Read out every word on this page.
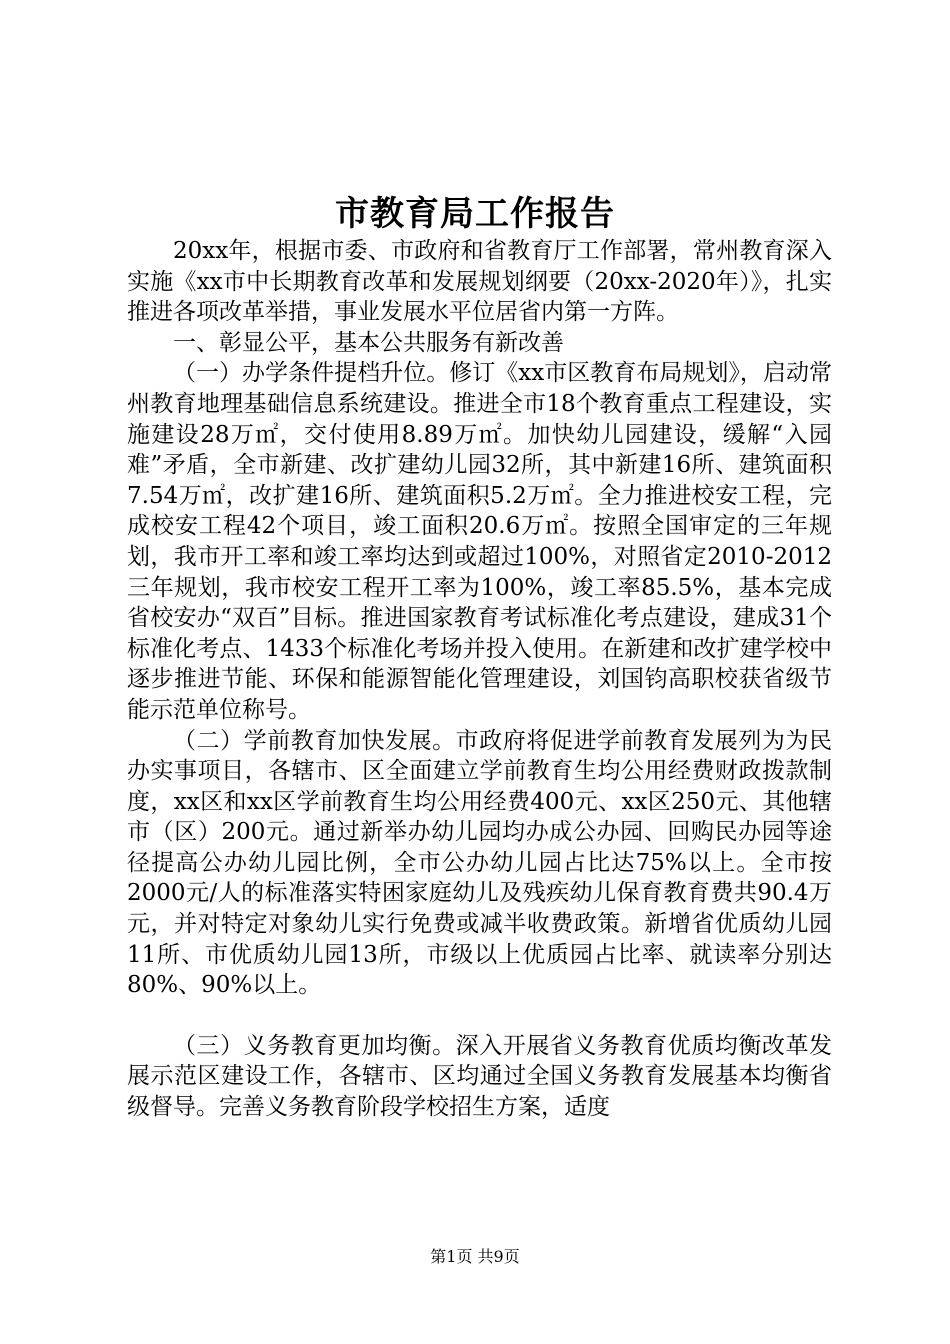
市教育局工作报告

20xx年，根据市委、市政府和省教育厅工作部署，常州教育深入实施《xx市中长期教育改革和发展规划纲要（20xx-2020年）》，扎实推进各项改革举措，事业发展水平位居省内第一方阵。

一、彰显公平，基本公共服务有新改善

（一）办学条件提档升位。修订《xx市区教育布局规划》，启动常州教育地理基础信息系统建设。推进全市18个教育重点工程建设，实施建设28万㎡，交付使用8.89万㎡。加快幼儿园建设，缓解“入园难”矛盾，全市新建、改扩建幼儿园32所，其中新建16所、建筑面积7.54万㎡，改扩建16所、建筑面积5.2万㎡。全力推进校安工程，完成校安工程42个项目，竣工面积20.6万㎡。按照全国审定的三年规划，我市开工率和竣工率均达到或超过100%，对照省定2010-2012三年规划，我市校安工程开工率为100%，竣工率85.5%，基本完成省校安办“双百”目标。推进国家教育考试标准化考点建设，建成31个标准化考点、1433个标准化考场并投入使用。在新建和改扩建学校中逐步推进节能、环保和能源智能化管理建设，刘国钧高职校获省级节能示范单位称号。

（二）学前教育加快发展。市政府将促进学前教育发展列为为民办实事项目，各辖市、区全面建立学前教育生均公用经费财政拨款制度，xx区和xx区学前教育生均公用经费400元、xx区250元、其他辖市（区）200元。通过新举办幼儿园均办成公办园、回购民办园等途径提高公办幼儿园比例，全市公办幼儿园占比达75%以上。全市按2000元/人的标准落实特困家庭幼儿及残疾幼儿保育教育费共90.4万元，并对特定对象幼儿实行免费或减半收费政策。新增省优质幼儿园11所、市优质幼儿园13所，市级以上优质园占比率、就读率分别达80%、90%以上。

（三）义务教育更加均衡。深入开展省义务教育优质均衡改革发展示范区建设工作，各辖市、区均通过全国义务教育发展基本均衡省级督导。完善义务教育阶段学校招生方案，适度

第1页 共9页
